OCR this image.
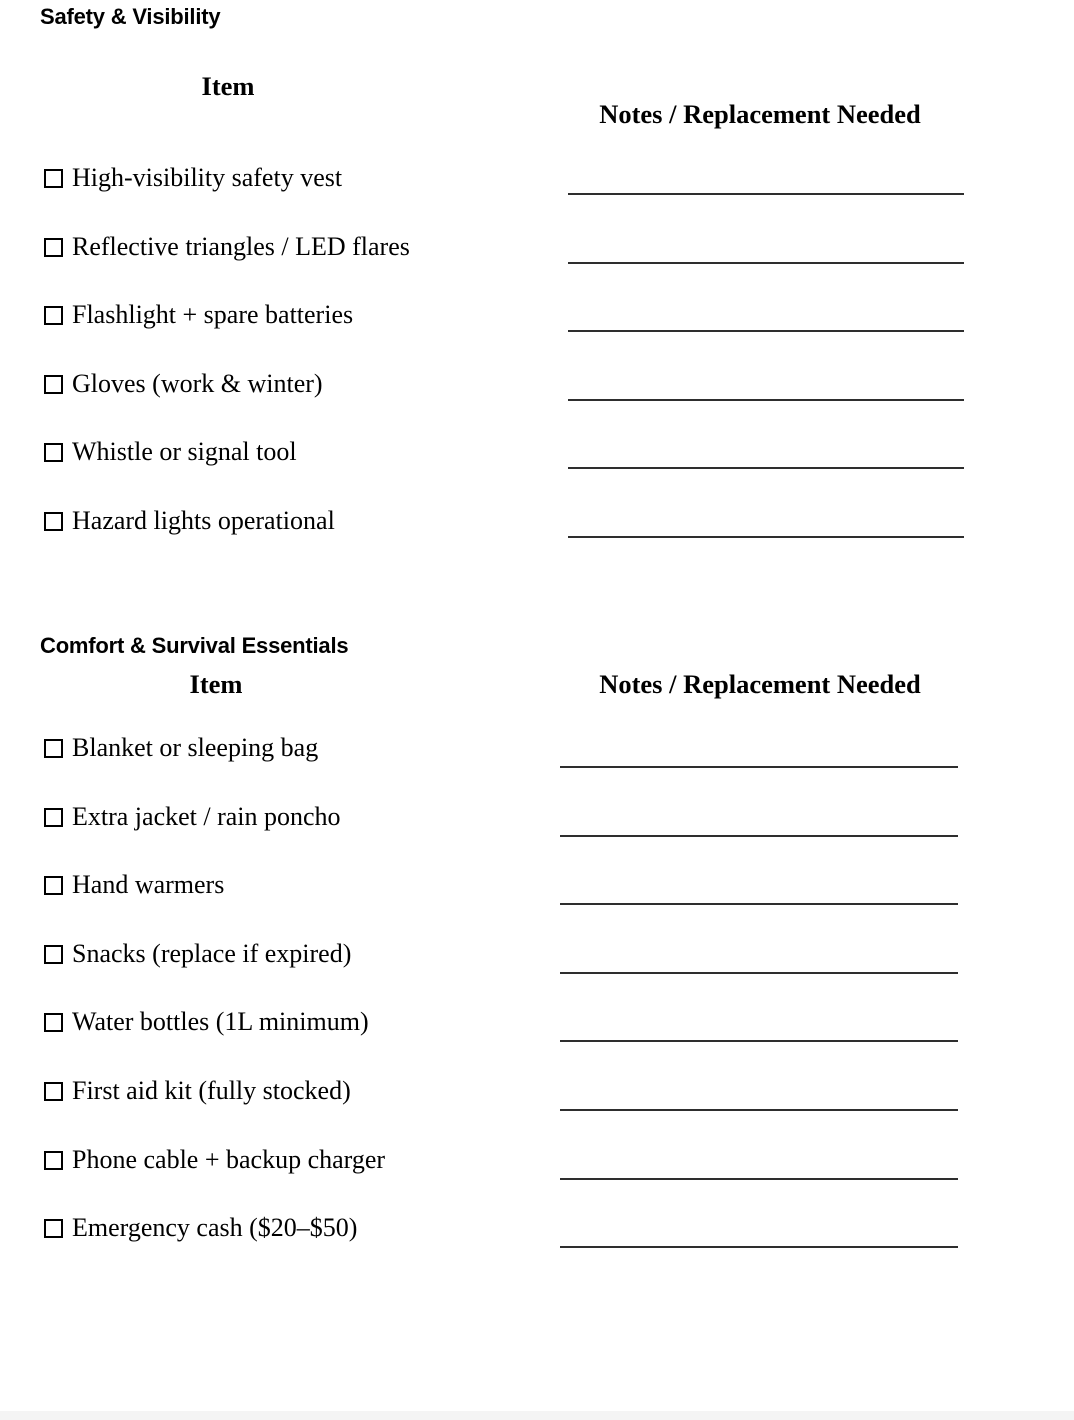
Safety & Visibility
Item
Notes / Replacement Needed
High-visibility safety vest
Reflective triangles / LED flares
Flashlight + spare batteries
Gloves (work & winter)
Whistle or signal tool
Hazard lights operational
Comfort & Survival Essentials
Item	Notes / Replacement Needed
Blanket or sleeping bag
Extra jacket / rain poncho
Hand warmers
Snacks (replace if expired)
Water bottles (1L minimum)
First aid kit (fully stocked)
Phone cable + backup charger
Emergency cash ($20–$50)
